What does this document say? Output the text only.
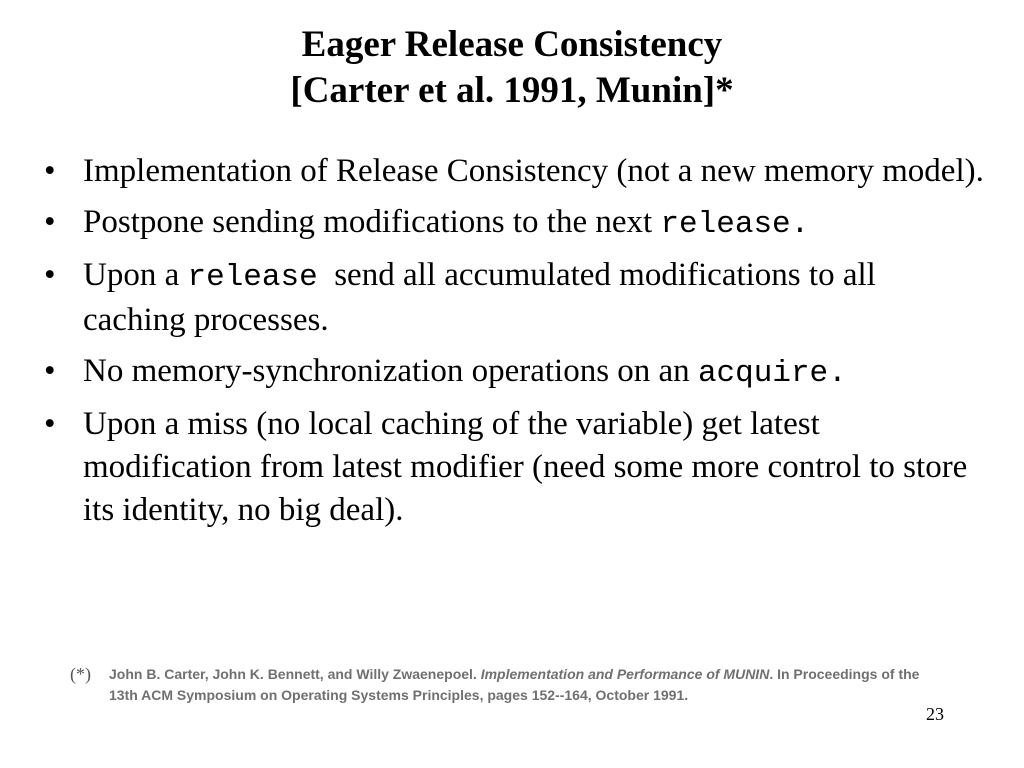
Eager Release Consistency
[Carter et al. 1991, Munin]*
• Implementation of Release Consistency (not a new memory model).
• Postpone sending modifications to the next release.
• Upon a release  send all accumulated modifications to all caching processes.
• No memory-synchronization operations on an acquire.
• Upon a miss (no local caching of the variable) get latest modification from latest modifier (need some more control to store its identity, no big deal).
(*) John B. Carter, John K. Bennett, and Willy Zwaenepoel. Implementation and Performance of MUNIN. In Proceedings of the 13th ACM Symposium on Operating Systems Principles, pages 152--164, October 1991.
23
